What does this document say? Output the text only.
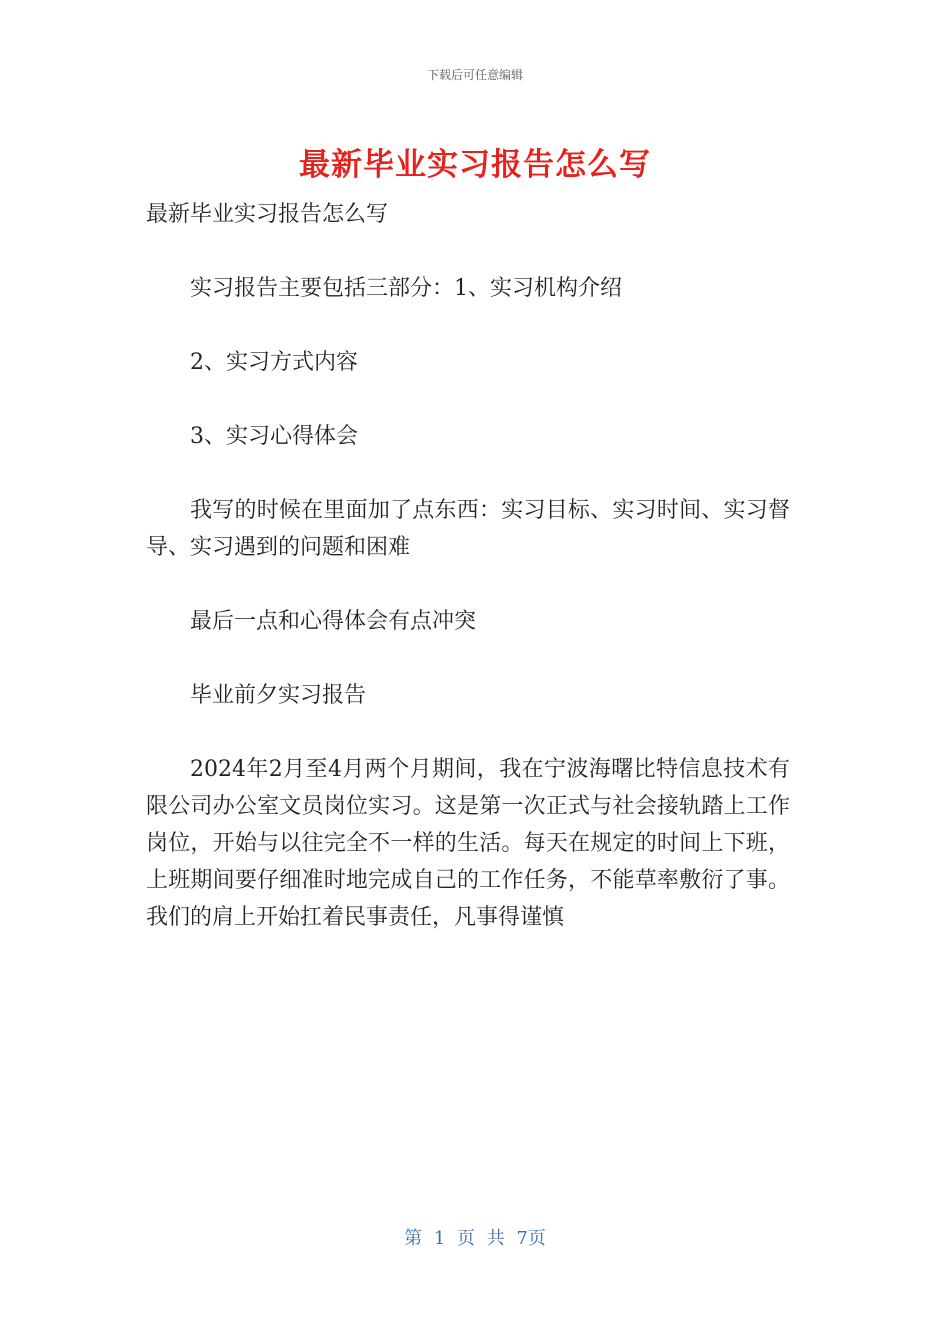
下载后可任意编辑
最新毕业实习报告怎么写

最新毕业实习报告怎么写

实习报告主要包括三部分：1、实习机构介绍

2、实习方式内容

3、实习心得体会

我写的时候在里面加了点东西：实习目标、实习时间、实习督导、实习遇到的问题和困难

最后一点和心得体会有点冲突

毕业前夕实习报告

2024年2月至4月两个月期间，我在宁波海曙比特信息技术有限公司办公室文员岗位实习。这是第一次正式与社会接轨踏上工作岗位，开始与以往完全不一样的生活。每天在规定的时间上下班，上班期间要仔细准时地完成自己的工作任务，不能草率敷衍了事。我们的肩上开始扛着民事责任，凡事得谨慎

第 1 页 共 7页
